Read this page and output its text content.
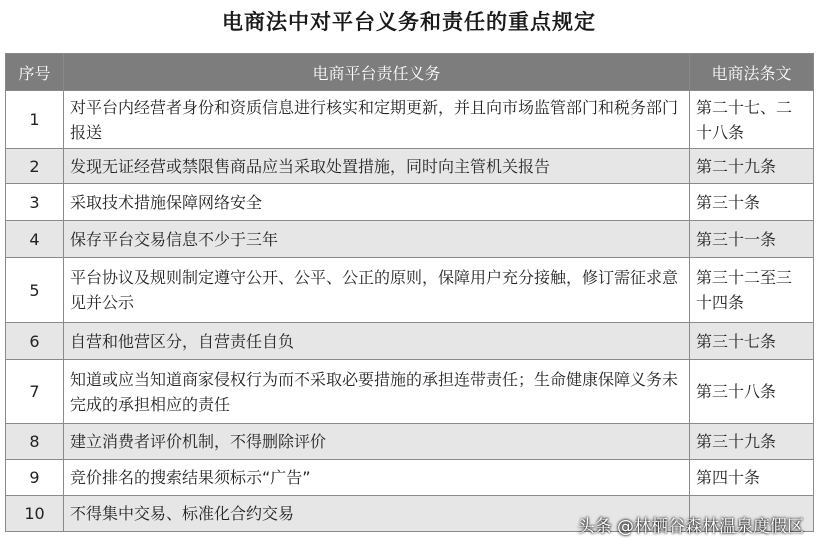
电商法中对平台义务和责任的重点规定
序号	电商平台责任义务	电商法条文
1	对平台内经营者身份和资质信息进行核实和定期更新，并且向市场监管部门和税务部门报送	第二十七、二十八条
2	发现无证经营或禁限售商品应当采取处置措施，同时向主管机关报告	第二十九条
3	采取技术措施保障网络安全	第三十条
4	保存平台交易信息不少于三年	第三十一条
5	平台协议及规则制定遵守公开、公平、公正的原则，保障用户充分接触，修订需征求意见并公示	第三十二至三十四条
6	自营和他营区分，自营责任自负	第三十七条
7	知道或应当知道商家侵权行为而不采取必要措施的承担连带责任；生命健康保障义务未完成的承担相应的责任	第三十八条
8	建立消费者评价机制，不得删除评价	第三十九条
9	竞价排名的搜索结果须标示“广告”	第四十条
10	不得集中交易、标准化合约交易	
头条 @林栖谷森林温泉度假区
